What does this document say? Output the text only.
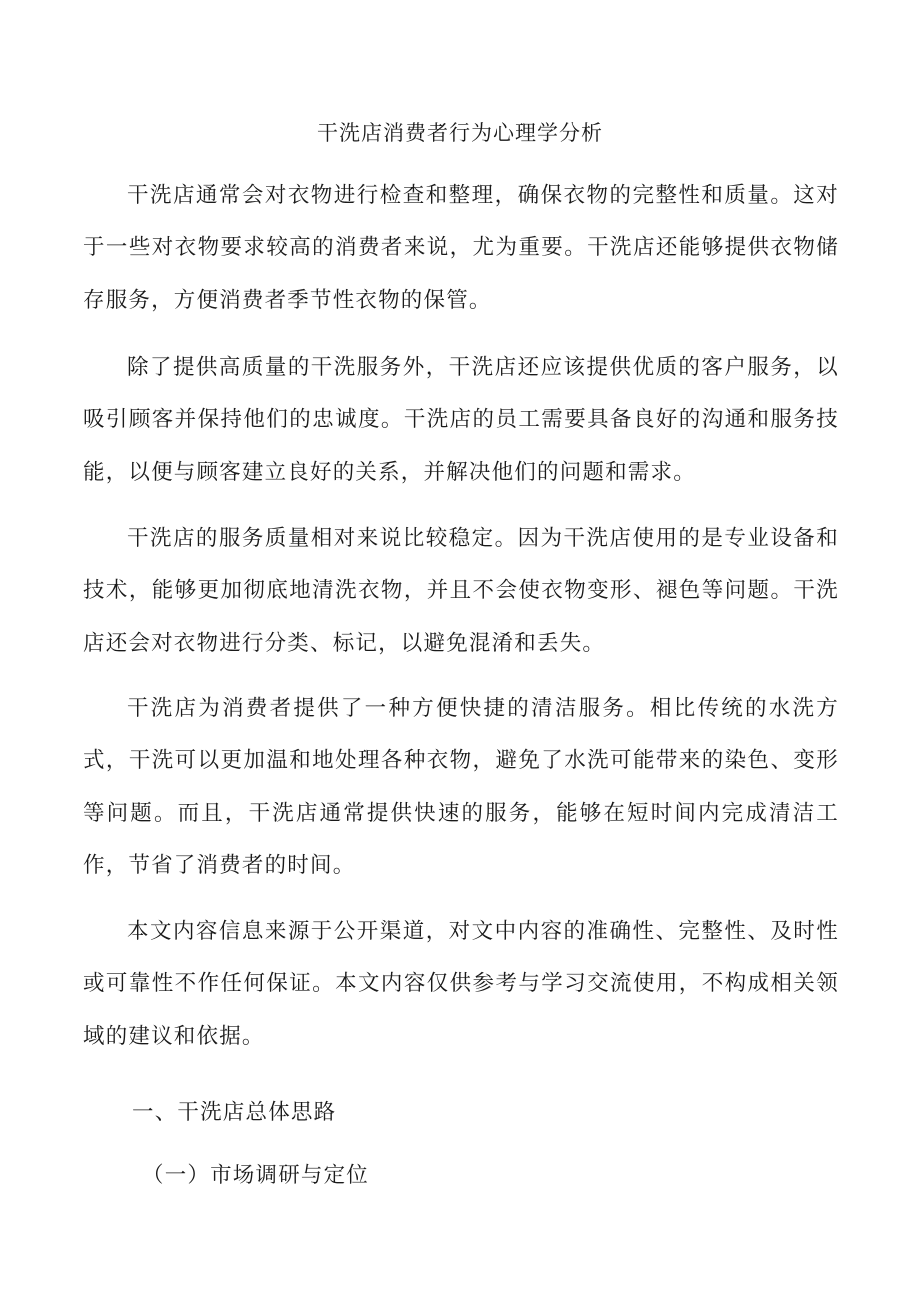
干洗店消费者行为心理学分析

干洗店通常会对衣物进行检查和整理，确保衣物的完整性和质量。这对于一些对衣物要求较高的消费者来说，尤为重要。干洗店还能够提供衣物储存服务，方便消费者季节性衣物的保管。

除了提供高质量的干洗服务外，干洗店还应该提供优质的客户服务，以吸引顾客并保持他们的忠诚度。干洗店的员工需要具备良好的沟通和服务技能，以便与顾客建立良好的关系，并解决他们的问题和需求。

干洗店的服务质量相对来说比较稳定。因为干洗店使用的是专业设备和技术，能够更加彻底地清洗衣物，并且不会使衣物变形、褪色等问题。干洗店还会对衣物进行分类、标记，以避免混淆和丢失。

干洗店为消费者提供了一种方便快捷的清洁服务。相比传统的水洗方式，干洗可以更加温和地处理各种衣物，避免了水洗可能带来的染色、变形等问题。而且，干洗店通常提供快速的服务，能够在短时间内完成清洁工作，节省了消费者的时间。

本文内容信息来源于公开渠道，对文中内容的准确性、完整性、及时性或可靠性不作任何保证。本文内容仅供参考与学习交流使用，不构成相关领域的建议和依据。

一、干洗店总体思路
（一）市场调研与定位
